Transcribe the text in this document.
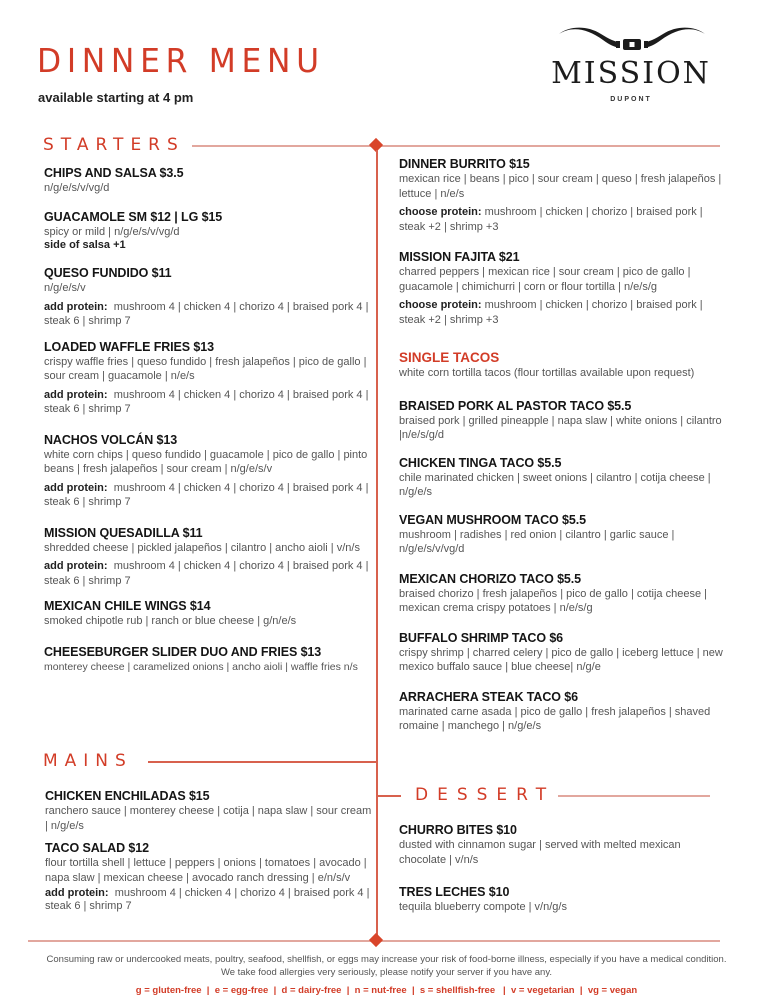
DINNER MENU
available starting at 4 pm
MISSION
DUPONT
STARTERS
MAINS
DESSERT
CHIPS AND SALSA $3.5
n/g/e/s/v/vg/d
GUACAMOLE SM $12 | LG $15
spicy or mild | n/g/e/s/v/vg/d
side of salsa +1
QUESO FUNDIDO $11
n/g/e/s/v
add protein: mushroom 4 | chicken 4 | chorizo 4 | braised pork 4 | steak 6 | shrimp 7
LOADED WAFFLE FRIES $13
crispy waffle fries | queso fundido | fresh jalapeños | pico de gallo | sour cream | guacamole | n/e/s
add protein: mushroom 4 | chicken 4 | chorizo 4 | braised pork 4 | steak 6 | shrimp 7
NACHOS VOLCÁN $13
white corn chips | queso fundido | guacamole | pico de gallo | pinto beans | fresh jalapeños | sour cream | n/g/e/s/v
add protein: mushroom 4 | chicken 4 | chorizo 4 | braised pork 4 | steak 6 | shrimp 7
MISSION QUESADILLA $11
shredded cheese | pickled jalapeños | cilantro | ancho aioli | v/n/s
add protein: mushroom 4 | chicken 4 | chorizo 4 | braised pork 4 | steak 6 | shrimp 7
MEXICAN CHILE WINGS $14
smoked chipotle rub | ranch or blue cheese | g/n/e/s
CHEESEBURGER SLIDER DUO AND FRIES $13
monterey cheese | caramelized onions | ancho aioli | waffle fries n/s
CHICKEN ENCHILADAS $15
ranchero sauce | monterey cheese | cotija | napa slaw | sour cream | n/g/e/s
TACO SALAD $12
flour tortilla shell | lettuce | peppers | onions | tomatoes | avocado | napa slaw | mexican cheese | avocado ranch dressing | e/n/s/v
add protein: mushroom 4 | chicken 4 | chorizo 4 | braised pork 4 | steak 6 | shrimp 7
DINNER BURRITO $15
mexican rice | beans | pico | sour cream | queso | fresh jalapeños | lettuce | n/e/s
choose protein: mushroom | chicken | chorizo | braised pork | steak +2 | shrimp +3
MISSION FAJITA $21
charred peppers | mexican rice | sour cream | pico de gallo | guacamole | chimichurri | corn or flour tortilla | n/e/s/g
choose protein: mushroom | chicken | chorizo | braised pork | steak +2 | shrimp +3
SINGLE TACOS
white corn tortilla tacos (flour tortillas available upon request)
BRAISED PORK AL PASTOR TACO $5.5
braised pork | grilled pineapple | napa slaw | white onions | cilantro |n/e/s/g/d
CHICKEN TINGA TACO $5.5
chile marinated chicken | sweet onions | cilantro | cotija cheese | n/g/e/s
VEGAN MUSHROOM TACO $5.5
mushroom | radishes | red onion | cilantro | garlic sauce | n/g/e/s/v/vg/d
MEXICAN CHORIZO TACO $5.5
braised chorizo | fresh jalapeños | pico de gallo | cotija cheese | mexican crema crispy potatoes | n/e/s/g
BUFFALO SHRIMP TACO $6
crispy shrimp | charred celery | pico de gallo | iceberg lettuce | new mexico buffalo sauce | blue cheese| n/g/e
ARRACHERA STEAK TACO $6
marinated carne asada | pico de gallo | fresh jalapeños | shaved romaine | manchego | n/g/e/s
CHURRO BITES $10
dusted with cinnamon sugar | served with melted mexican chocolate | v/n/s
TRES LECHES $10
tequila blueberry compote | v/n/g/s
Consuming raw or undercooked meats, poultry, seafood, shellfish, or eggs may increase your risk of food-borne illness, especially if you have a medical condition. We take food allergies very seriously, please notify your server if you have any.
g = gluten-free  |  e = egg-free  |  d = dairy-free  |  n = nut-free  |  s = shellfish-free   |  v = vegetarian  |  vg = vegan
